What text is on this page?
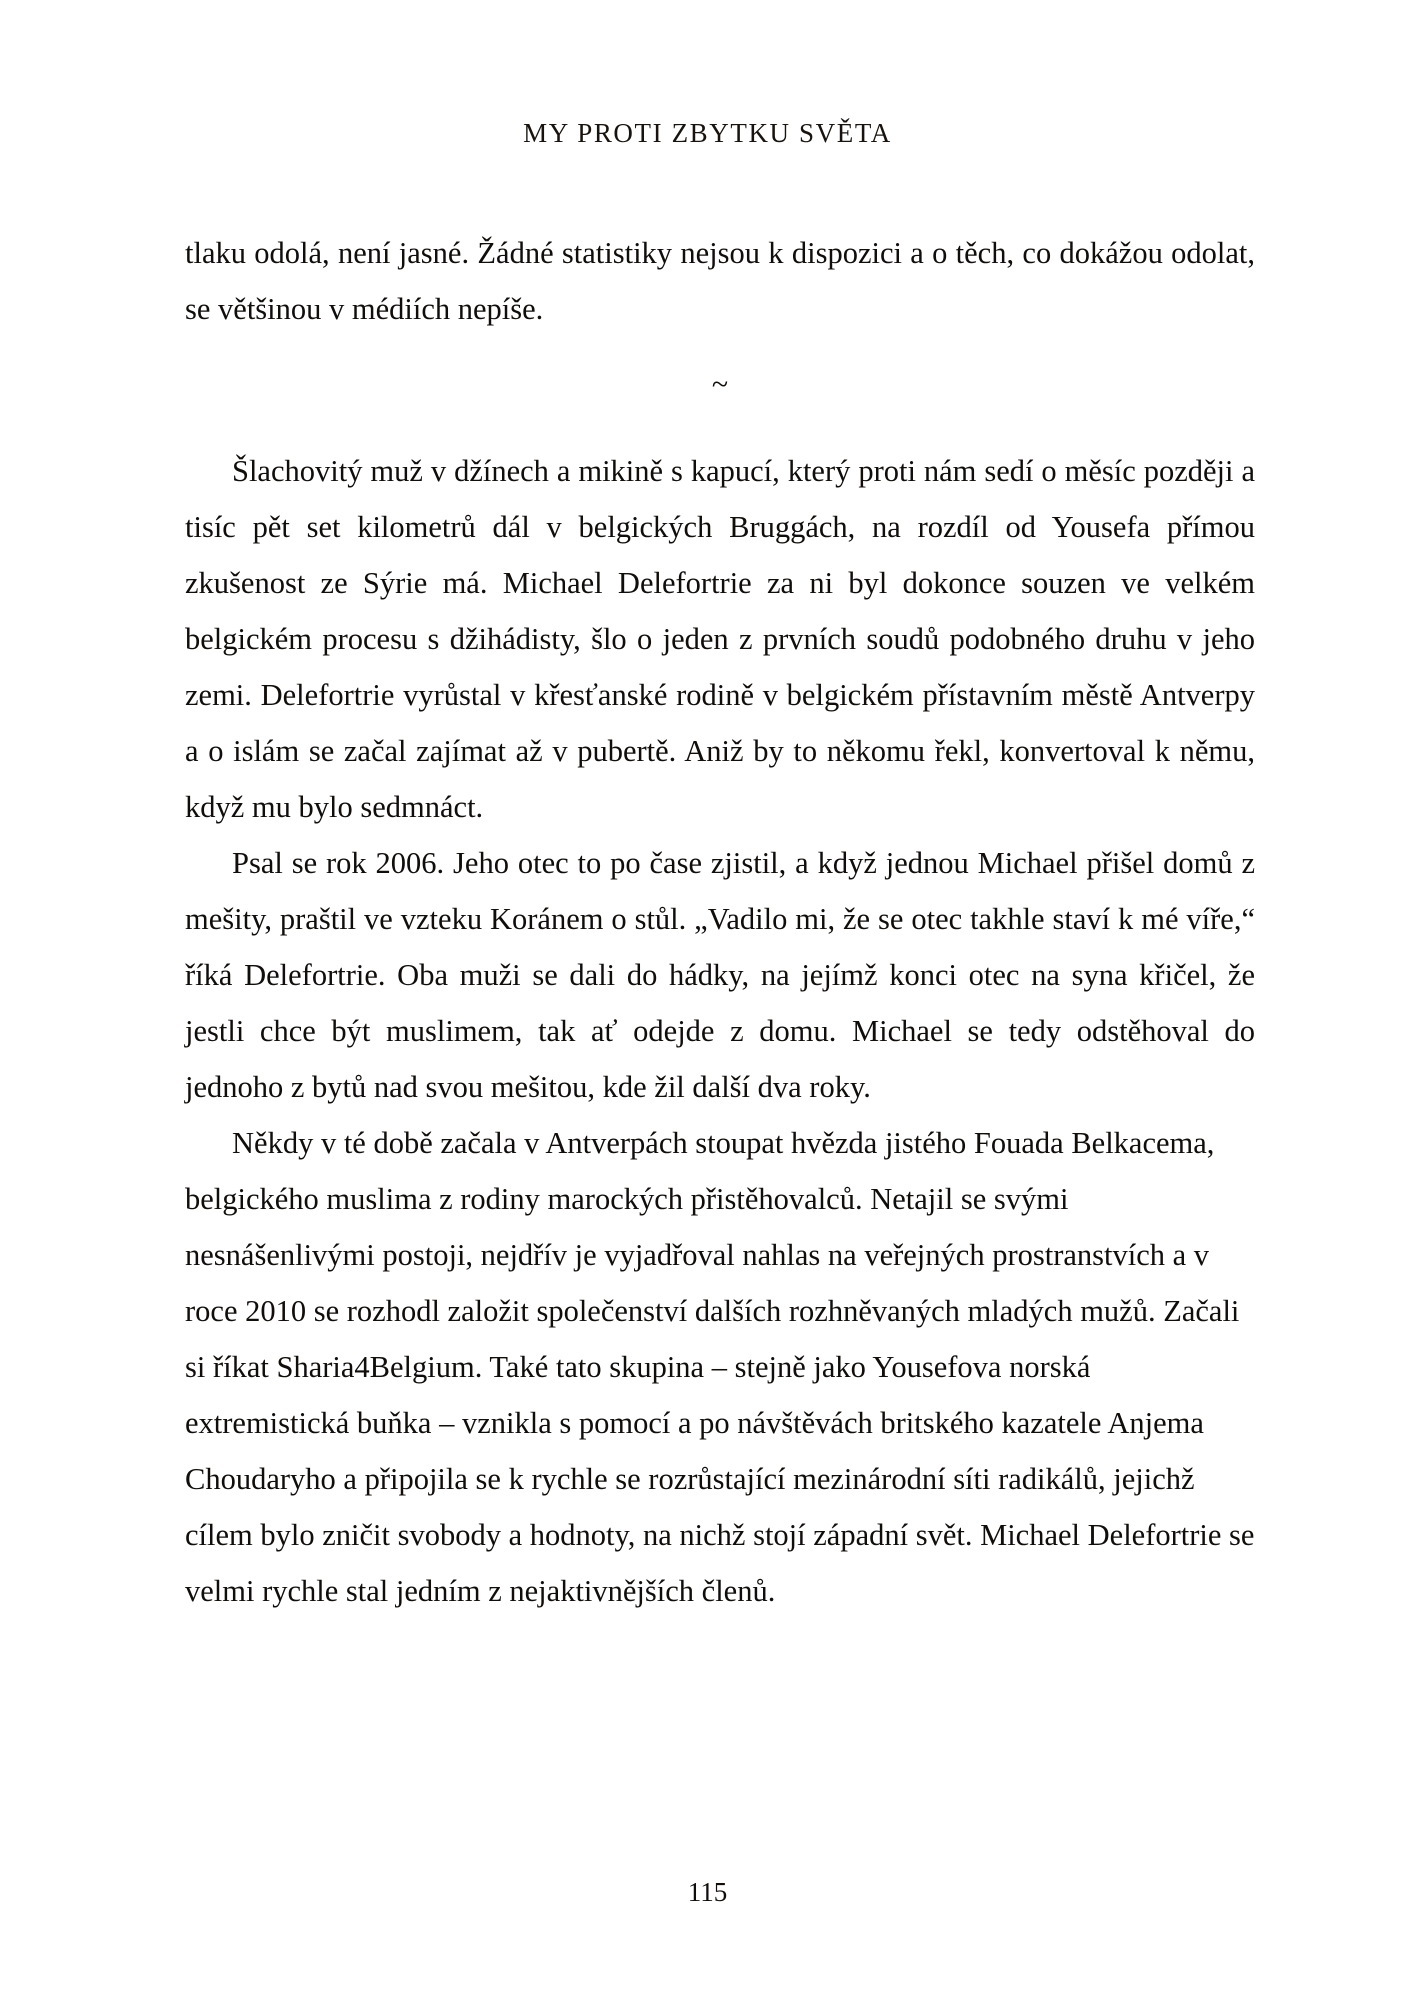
MY PROTI ZBYTKU SVĚTA

tlaku odolá, není jasné. Žádné statistiky nejsou k dispozici a o těch, co dokážou odolat, se většinou v médiích nepíše.

~

Šlachovitý muž v džínech a mikině s kapucí, který proti nám sedí o měsíc později a tisíc pět set kilometrů dál v belgických Bruggách, na rozdíl od Yousefa přímou zkušenost ze Sýrie má. Michael Delefortrie za ni byl dokonce souzen ve velkém belgickém procesu s džihádisty, šlo o jeden z prvních soudů podobného druhu v jeho zemi. Delefortrie vyrůstal v křesťanské rodině v belgickém přístavním městě Antverpy a o islám se začal zajímat až v pubertě. Aniž by to někomu řekl, konvertoval k němu, když mu bylo sedmnáct.

Psal se rok 2006. Jeho otec to po čase zjistil, a když jednou Michael přišel domů z mešity, praštil ve vzteku Koránem o stůl. „Vadilo mi, že se otec takhle staví k mé víře,“ říká Delefortrie. Oba muži se dali do hádky, na jejímž konci otec na syna křičel, že jestli chce být muslimem, tak ať odejde z domu. Michael se tedy odstěhoval do jednoho z bytů nad svou mešitou, kde žil další dva roky.

Někdy v té době začala v Antverpách stoupat hvězda jistého Fouada Belkacema, belgického muslima z rodiny marockých přistěhovalců. Netajil se svými nesnášenlivými postoji, nejdřív je vyjadřoval nahlas na veřejných prostranstvích a v roce 2010 se rozhodl založit společenství dalších rozhněvaných mladých mužů. Začali si říkat Sharia4Belgium. Také tato skupina – stejně jako Yousefova norská extremistická buňka – vznikla s pomocí a po návštěvách britského kazatele Anjema Choudaryho a připojila se k rychle se rozrůstající mezinárodní síti radikálů, jejichž cílem bylo zničit svobody a hodnoty, na nichž stojí západní svět. Michael Delefortrie se velmi rychle stal jedním z nejaktivnějších členů.

115
